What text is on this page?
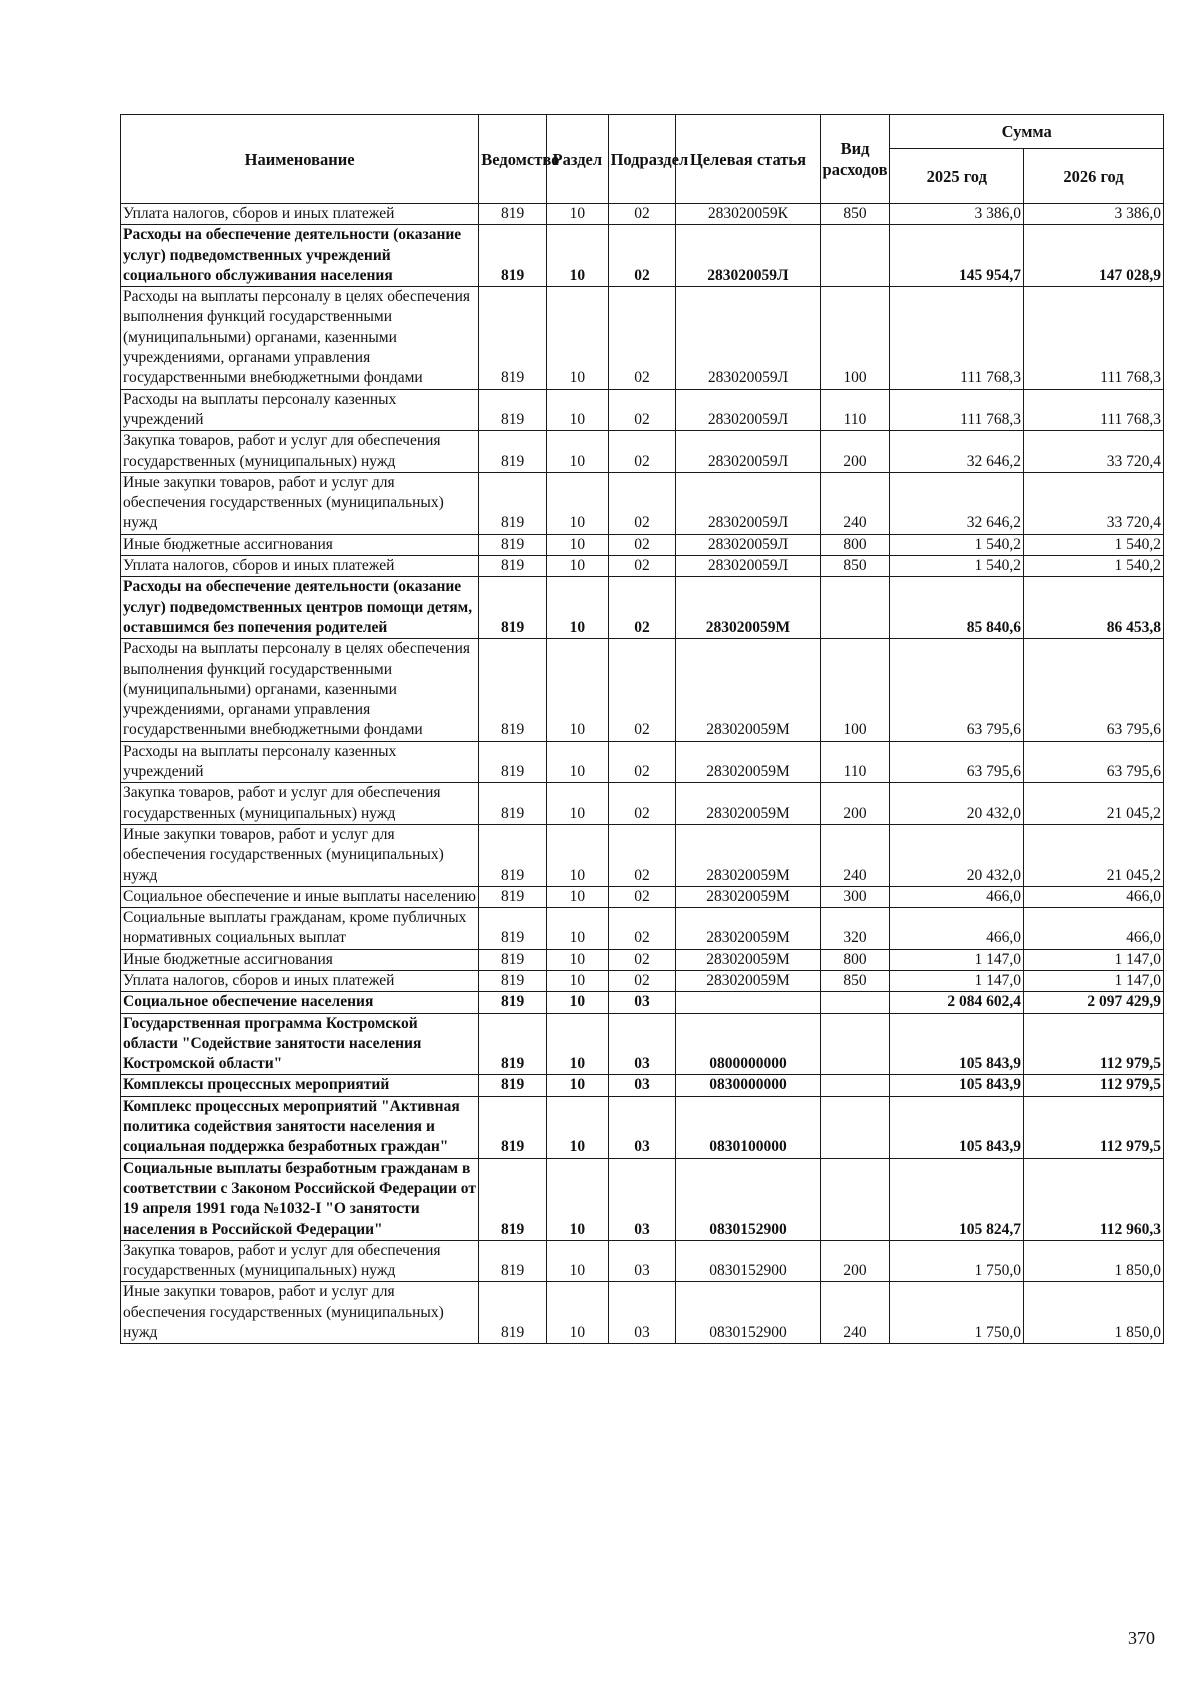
Наименование	Ведомство	Раздел	Подраздел	Целевая статья	Вид расходов	Сумма	
						2025 год	2026 год
Уплата налогов, сборов и иных платежей	819	10	02	283020059К	850	3 386,0	3 386,0
Расходы на обеспечение деятельности (оказание услуг) подведомственных учреждений социального обслуживания населения	819	10	02	283020059Л		145 954,7	147 028,9
Расходы на выплаты персоналу в целях обеспечения выполнения функций государственными (муниципальными) органами, казенными учреждениями, органами управления государственными внебюджетными фондами	819	10	02	283020059Л	100	111 768,3	111 768,3
Расходы на выплаты персоналу казенных учреждений	819	10	02	283020059Л	110	111 768,3	111 768,3
Закупка товаров, работ и услуг для обеспечения государственных (муниципальных) нужд	819	10	02	283020059Л	200	32 646,2	33 720,4
Иные закупки товаров, работ и услуг для обеспечения государственных (муниципальных) нужд	819	10	02	283020059Л	240	32 646,2	33 720,4
Иные бюджетные ассигнования	819	10	02	283020059Л	800	1 540,2	1 540,2
Уплата налогов, сборов и иных платежей	819	10	02	283020059Л	850	1 540,2	1 540,2
Расходы на обеспечение деятельности (оказание услуг) подведомственных центров помощи детям, оставшимся без попечения родителей	819	10	02	283020059М		85 840,6	86 453,8
Расходы на выплаты персоналу в целях обеспечения выполнения функций государственными (муниципальными) органами, казенными учреждениями, органами управления государственными внебюджетными фондами	819	10	02	283020059М	100	63 795,6	63 795,6
Расходы на выплаты персоналу казенных учреждений	819	10	02	283020059М	110	63 795,6	63 795,6
Закупка товаров, работ и услуг для обеспечения государственных (муниципальных) нужд	819	10	02	283020059М	200	20 432,0	21 045,2
Иные закупки товаров, работ и услуг для обеспечения государственных (муниципальных) нужд	819	10	02	283020059М	240	20 432,0	21 045,2
Социальное обеспечение и иные выплаты населению	819	10	02	283020059М	300	466,0	466,0
Социальные выплаты гражданам, кроме публичных нормативных социальных выплат	819	10	02	283020059М	320	466,0	466,0
Иные бюджетные ассигнования	819	10	02	283020059М	800	1 147,0	1 147,0
Уплата налогов, сборов и иных платежей	819	10	02	283020059М	850	1 147,0	1 147,0
Социальное обеспечение населения	819	10	03			2 084 602,4	2 097 429,9
Государственная программа Костромской области "Содействие занятости населения Костромской области"	819	10	03	0800000000		105 843,9	112 979,5
Комплексы процессных мероприятий	819	10	03	0830000000		105 843,9	112 979,5
Комплекс процессных мероприятий "Активная политика содействия занятости населения и социальная поддержка безработных граждан"	819	10	03	0830100000		105 843,9	112 979,5
Социальные выплаты безработным гражданам в соответствии с Законом Российской Федерации от 19 апреля 1991 года №1032-I "О занятости населения в Российской Федерации"	819	10	03	0830152900		105 824,7	112 960,3
Закупка товаров, работ и услуг для обеспечения государственных (муниципальных) нужд	819	10	03	0830152900	200	1 750,0	1 850,0
Иные закупки товаров, работ и услуг для обеспечения государственных (муниципальных) нужд	819	10	03	0830152900	240	1 750,0	1 850,0
370
